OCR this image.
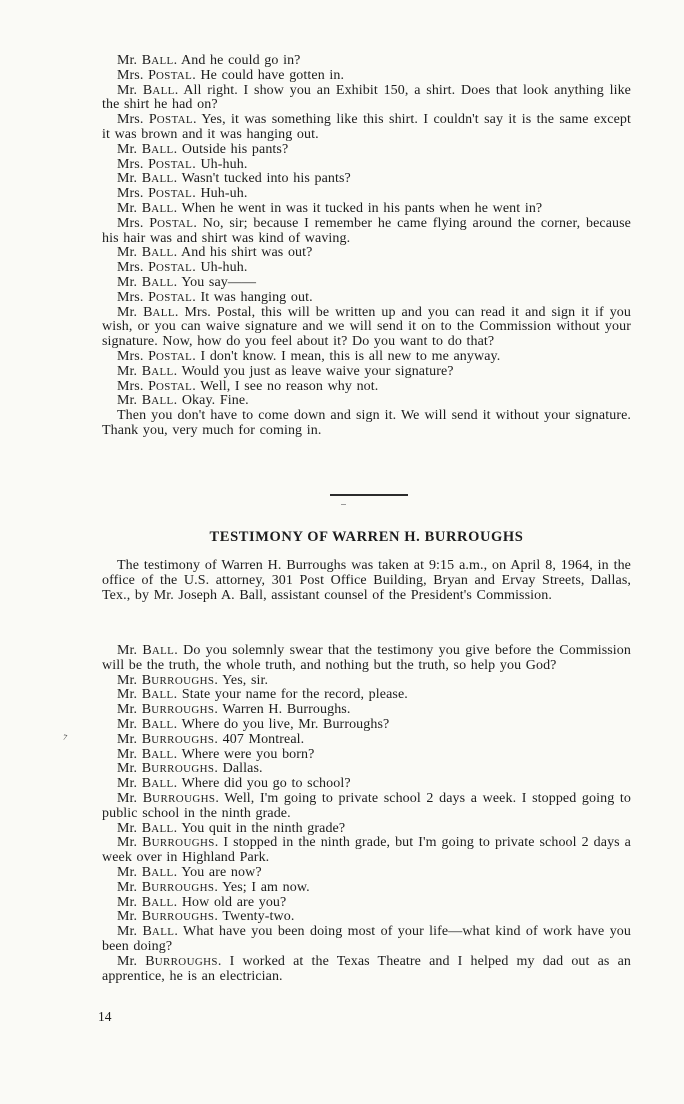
Mr. BALL. And he could go in?

Mrs. POSTAL. He could have gotten in.

Mr. BALL. All right. I show you an Exhibit 150, a shirt. Does that look anything like the shirt he had on?

Mrs. POSTAL. Yes, it was something like this shirt. I couldn't say it is the same except it was brown and it was hanging out.

Mr. BALL. Outside his pants?

Mrs. POSTAL. Uh-huh.

Mr. BALL. Wasn't tucked into his pants?

Mrs. POSTAL. Huh-uh.

Mr. BALL. When he went in was it tucked in his pants when he went in?

Mrs. POSTAL. No, sir; because I remember he came flying around the corner, because his hair was and shirt was kind of waving.

Mr. BALL. And his shirt was out?

Mrs. POSTAL. Uh-huh.

Mr. BALL. You say——

Mrs. POSTAL. It was hanging out.

Mr. BALL. Mrs. Postal, this will be written up and you can read it and sign it if you wish, or you can waive signature and we will send it on to the Commission without your signature. Now, how do you feel about it? Do you want to do that?

Mrs. POSTAL. I don't know. I mean, this is all new to me anyway.

Mr. BALL. Would you just as leave waive your signature?

Mrs. POSTAL. Well, I see no reason why not.

Mr. BALL. Okay. Fine.

Then you don't have to come down and sign it. We will send it without your signature. Thank you, very much for coming in.

TESTIMONY OF WARREN H. BURROUGHS

The testimony of Warren H. Burroughs was taken at 9:15 a.m., on April 8, 1964, in the office of the U.S. attorney, 301 Post Office Building, Bryan and Ervay Streets, Dallas, Tex., by Mr. Joseph A. Ball, assistant counsel of the President's Commission.

Mr. BALL. Do you solemnly swear that the testimony you give before the Commission will be the truth, the whole truth, and nothing but the truth, so help you God?

Mr. BURROUGHS. Yes, sir.

Mr. BALL. State your name for the record, please.

Mr. BURROUGHS. Warren H. Burroughs.

Mr. BALL. Where do you live, Mr. Burroughs?

Mr. BURROUGHS. 407 Montreal.

Mr. BALL. Where were you born?

Mr. BURROUGHS. Dallas.

Mr. BALL. Where did you go to school?

Mr. BURROUGHS. Well, I'm going to private school 2 days a week. I stopped going to public school in the ninth grade.

Mr. BALL. You quit in the ninth grade?

Mr. BURROUGHS. I stopped in the ninth grade, but I'm going to private school 2 days a week over in Highland Park.

Mr. BALL. You are now?

Mr. BURROUGHS. Yes; I am now.

Mr. BALL. How old are you?

Mr. BURROUGHS. Twenty-two.

Mr. BALL. What have you been doing most of your life—what kind of work have you been doing?

Mr. BURROUGHS. I worked at the Texas Theatre and I helped my dad out as an apprentice, he is an electrician.

7

14
